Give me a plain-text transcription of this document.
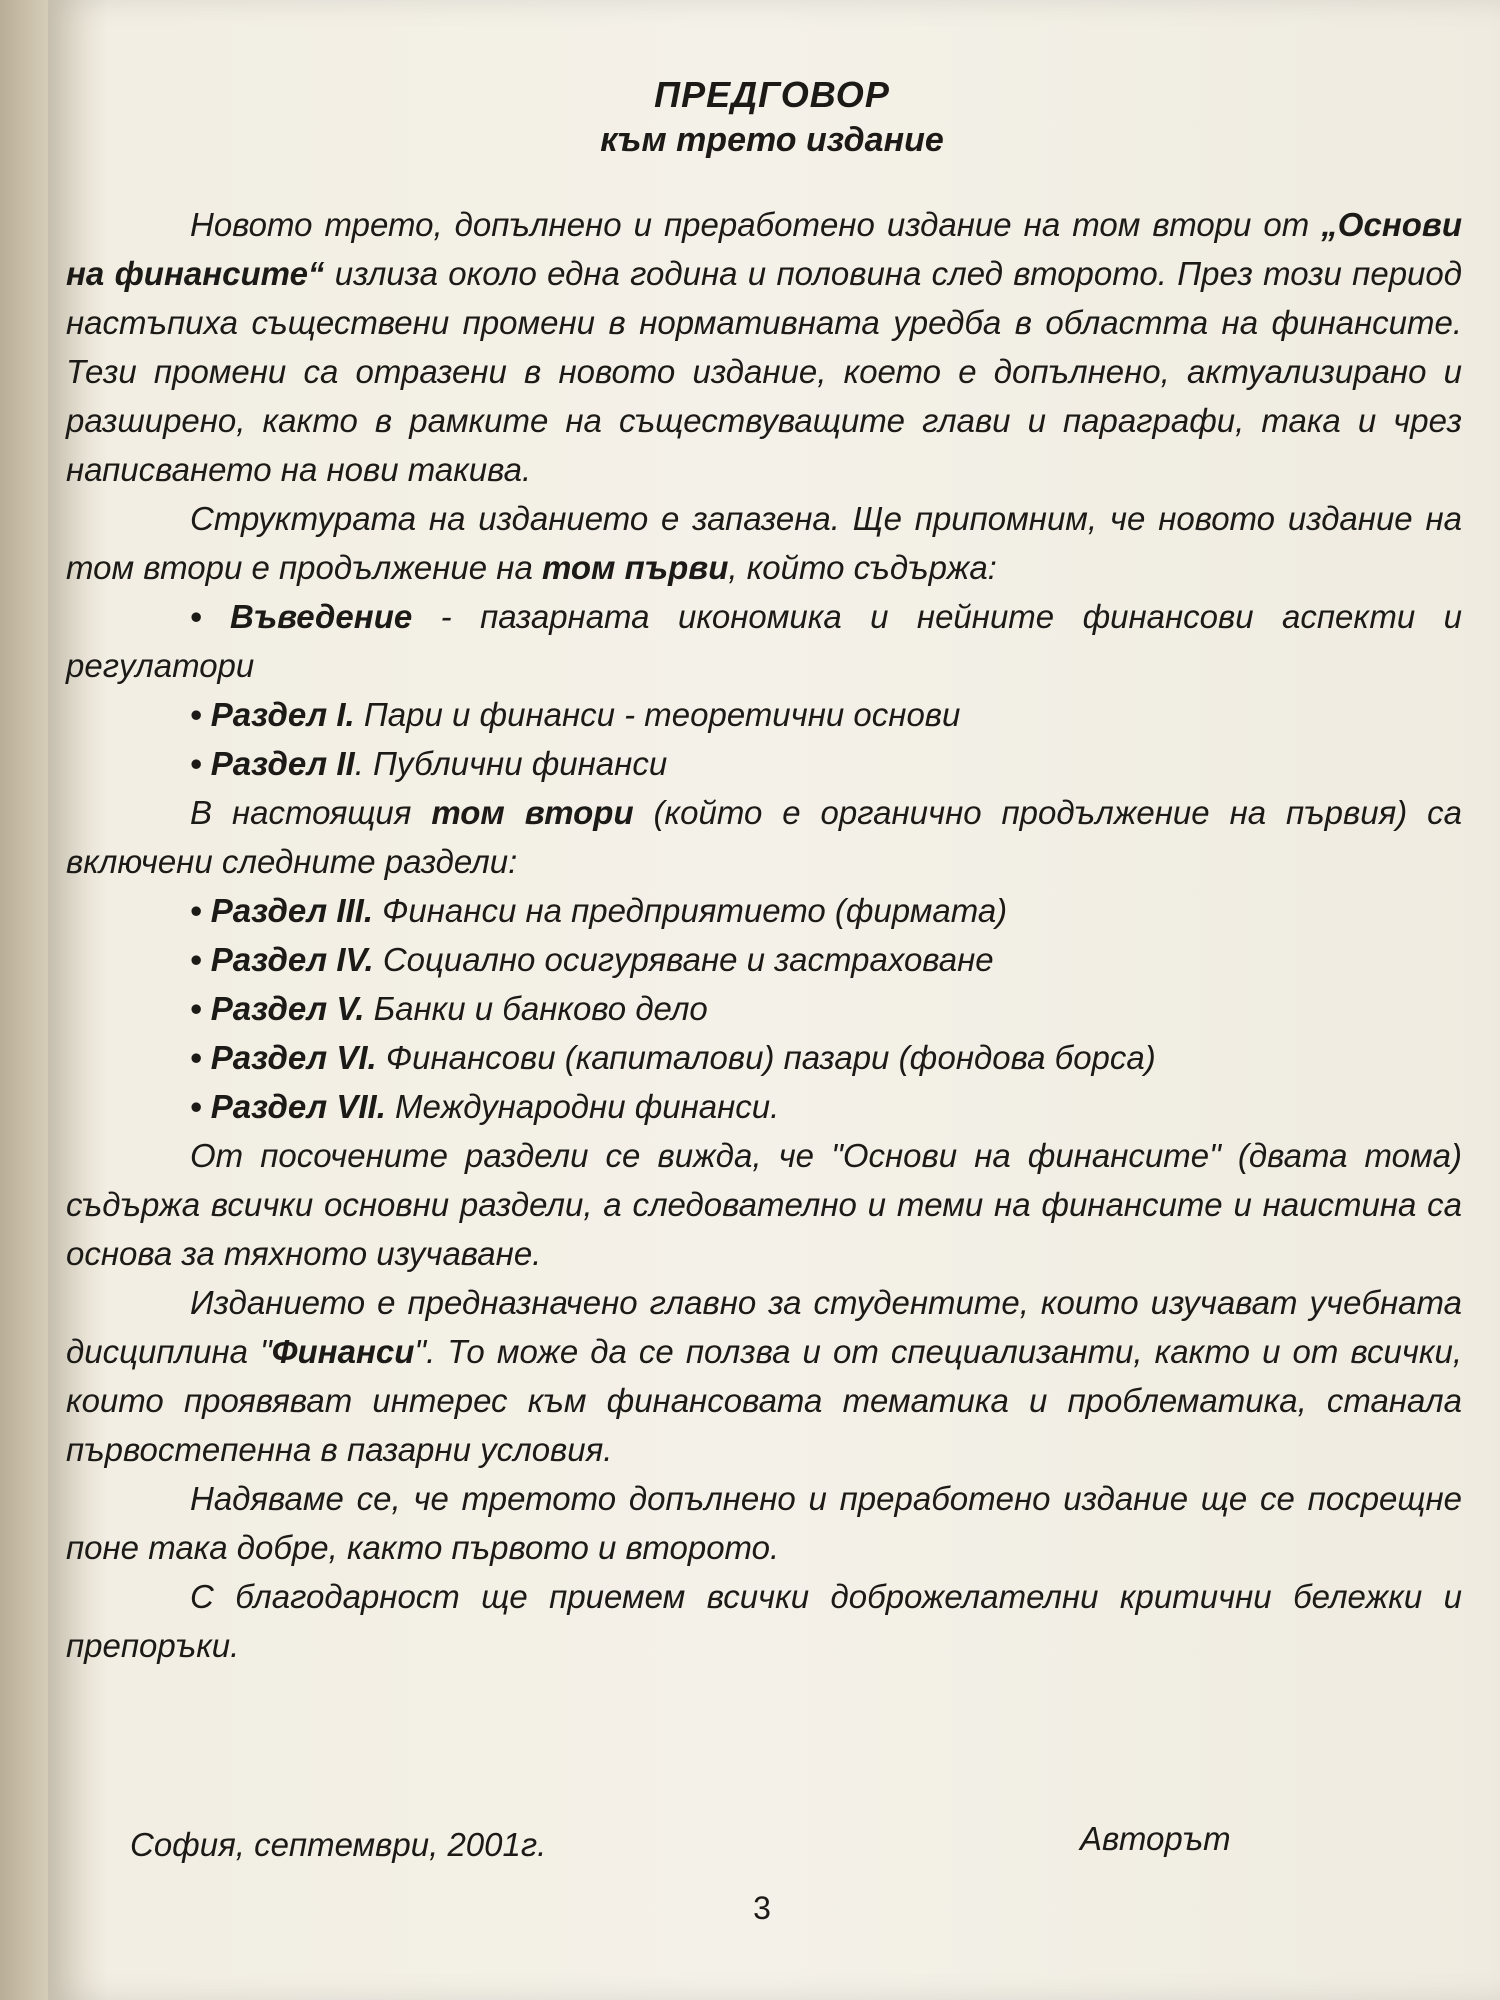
ПРЕДГОВОР
към трето издание

Новото трето, допълнено и преработено издание на том втори от „Основи на финансите“ излиза около една година и половина след второто. През този период настъпиха съществени промени в нормативната уредба в областта на финансите. Тези промени са отразени в новото издание, което е допълнено, актуализирано и разширено, както в рамките на съществуващите глави и параграфи, така и чрез написването на нови такива.

Структурата на изданието е запазена. Ще припомним, че новото издание на том втори е продължение на том първи, който съдържа:

• Въведение - пазарната икономика и нейните финансови аспекти и регулатори

• Раздел I. Пари и финанси - теоретични основи

• Раздел II. Публични финанси

В настоящия том втори (който е органично продължение на първия) са включени следните раздели:

• Раздел III. Финанси на предприятието (фирмата)

• Раздел IV. Социално осигуряване и застраховане

• Раздел V. Банки и банково дело

• Раздел VI. Финансови (капиталови) пазари (фондова борса)

• Раздел VII. Международни финанси.

От посочените раздели се вижда, че "Основи на финансите" (двата тома) съдържа всички основни раздели, а следователно и теми на финансите и наистина са основа за тяхното изучаване.

Изданието е предназначено главно за студентите, които изучават учебната дисциплина "Финанси". То може да се ползва и от специализанти, както и от всички, които проявяват интерес към финансовата тематика и проблематика, станала първостепенна в пазарни условия.

Надяваме се, че третото допълнено и преработено издание ще се посрещне поне така добре, както първото и второто.

С благодарност ще приемем всички доброжелателни критични бележки и препоръки.

София, септември, 2001г.	Авторът
3
